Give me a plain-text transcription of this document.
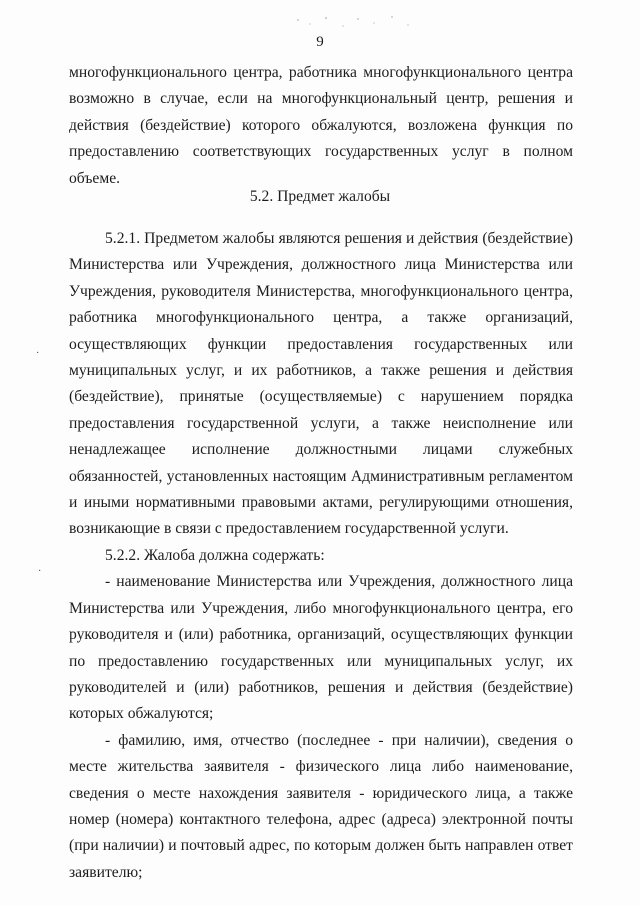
9

многофункционального центра, работника многофункционального центра возможно в случае, если на многофункциональный центр, решения и действия (бездействие) которого обжалуются, возложена функция по предоставлению соответствующих государственных услуг в полном объеме.

5.2. Предмет жалобы

5.2.1. Предметом жалобы являются решения и действия (бездействие) Министерства или Учреждения, должностного лица Министерства или Учреждения, руководителя Министерства, многофункционального центра, работника многофункционального центра, а также организаций, осуществляющих функции предоставления государственных или муниципальных услуг, и их работников, а также решения и действия (бездействие), принятые (осуществляемые) с нарушением порядка предоставления государственной услуги, а также неисполнение или ненадлежащее исполнение должностными лицами служебных обязанностей, установленных настоящим Административным регламентом и иными нормативными правовыми актами, регулирующими отношения, возникающие в связи с предоставлением государственной услуги.

5.2.2. Жалоба должна содержать:

- наименование Министерства или Учреждения, должностного лица Министерства или Учреждения, либо многофункционального центра, его руководителя и (или) работника, организаций, осуществляющих функции по предоставлению государственных или муниципальных услуг, их руководителей и (или) работников, решения и действия (бездействие) которых обжалуются;

- фамилию, имя, отчество (последнее - при наличии), сведения о месте жительства заявителя - физического лица либо наименование, сведения о месте нахождения заявителя - юридического лица, а также номер (номера) контактного телефона, адрес (адреса) электронной почты (при наличии) и почтовый адрес, по которым должен быть направлен ответ заявителю;

·
·
